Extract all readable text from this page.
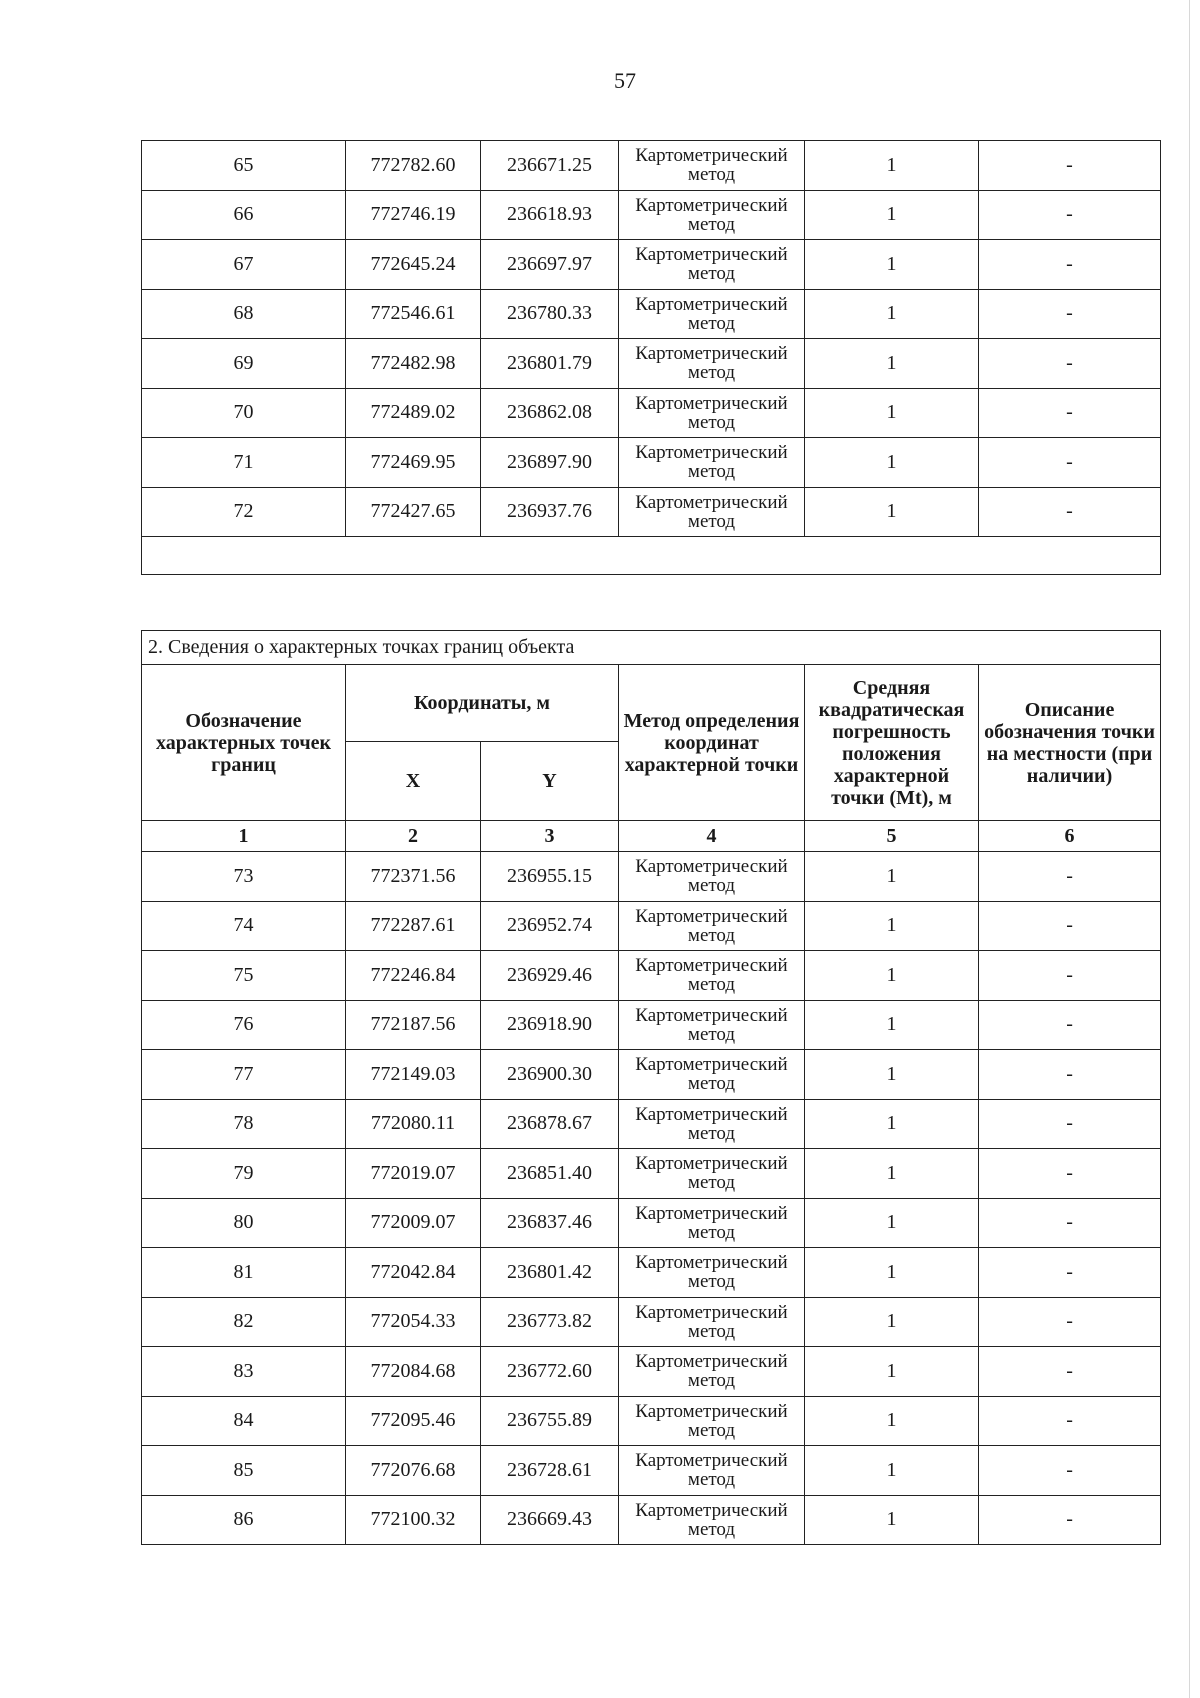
57
65	772782.60	236671.25	Картометрический метод	1	-
66	772746.19	236618.93	Картометрический метод	1	-
67	772645.24	236697.97	Картометрический метод	1	-
68	772546.61	236780.33	Картометрический метод	1	-
69	772482.98	236801.79	Картометрический метод	1	-
70	772489.02	236862.08	Картометрический метод	1	-
71	772469.95	236897.90	Картометрический метод	1	-
72	772427.65	236937.76	Картометрический метод	1	-

2. Сведения о характерных точках границ объекта					
Обозначение характерных точек границ	Координаты, м		Метод определения координат характерной точки	Средняя квадратическая погрешность положения характерной точки (Mt), м	Описание обозначения точки на местности (при наличии)
	X	Y			
1	2	3	4	5	6
73	772371.56	236955.15	Картометрический метод	1	-
74	772287.61	236952.74	Картометрический метод	1	-
75	772246.84	236929.46	Картометрический метод	1	-
76	772187.56	236918.90	Картометрический метод	1	-
77	772149.03	236900.30	Картометрический метод	1	-
78	772080.11	236878.67	Картометрический метод	1	-
79	772019.07	236851.40	Картометрический метод	1	-
80	772009.07	236837.46	Картометрический метод	1	-
81	772042.84	236801.42	Картометрический метод	1	-
82	772054.33	236773.82	Картометрический метод	1	-
83	772084.68	236772.60	Картометрический метод	1	-
84	772095.46	236755.89	Картометрический метод	1	-
85	772076.68	236728.61	Картометрический метод	1	-
86	772100.32	236669.43	Картометрический метод	1	-
